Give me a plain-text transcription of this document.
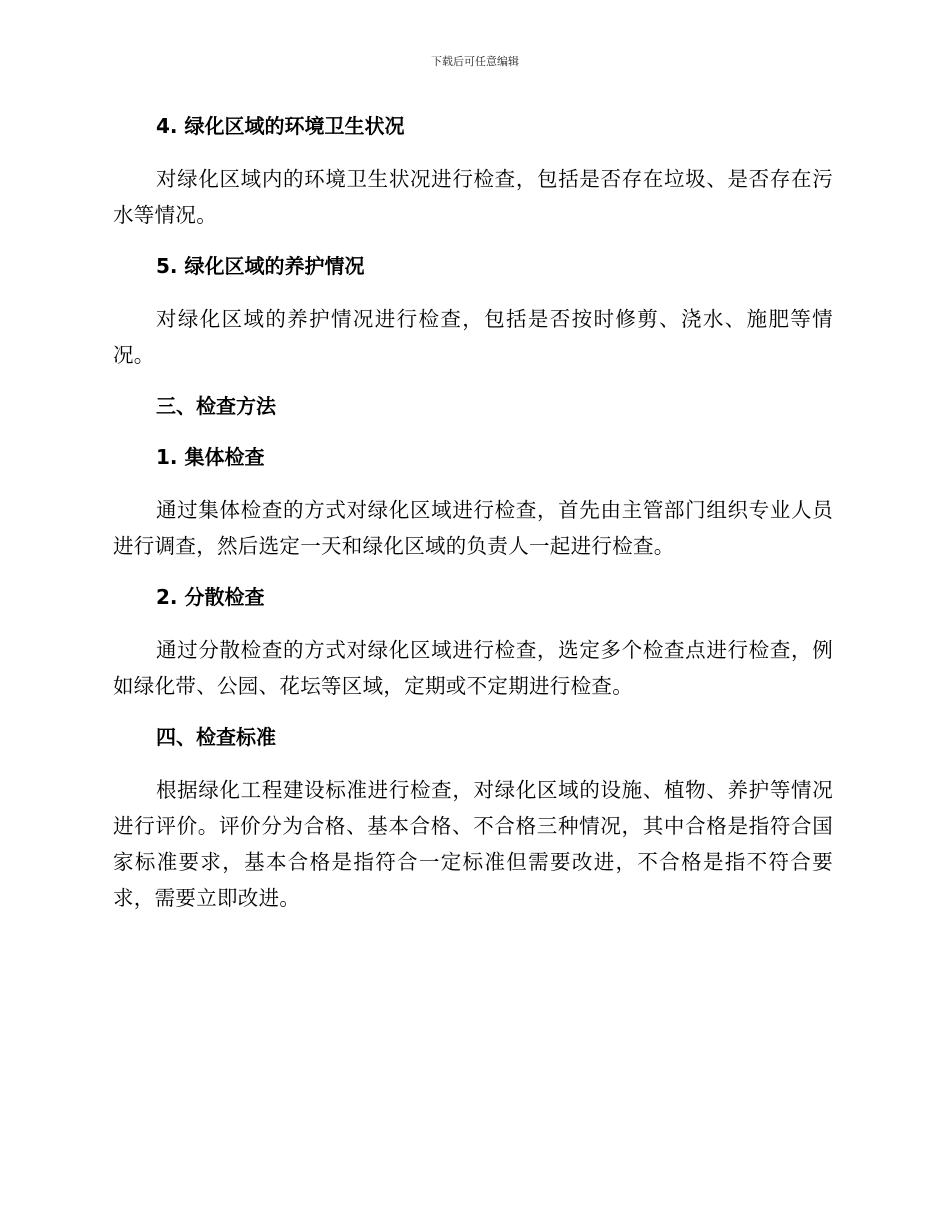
下载后可任意编辑
4. 绿化区域的环境卫生状况

对绿化区域内的环境卫生状况进行检查，包括是否存在垃圾、是否存在污水等情况。

5. 绿化区域的养护情况

对绿化区域的养护情况进行检查，包括是否按时修剪、浇水、施肥等情况。

三、检查方法
1. 集体检查

通过集体检查的方式对绿化区域进行检查，首先由主管部门组织专业人员进行调查，然后选定一天和绿化区域的负责人一起进行检查。

2. 分散检查

通过分散检查的方式对绿化区域进行检查，选定多个检查点进行检查，例如绿化带、公园、花坛等区域，定期或不定期进行检查。

四、检查标准

根据绿化工程建设标准进行检查，对绿化区域的设施、植物、养护等情况进行评价。评价分为合格、基本合格、不合格三种情况，其中合格是指符合国家标准要求，基本合格是指符合一定标准但需要改进，不合格是指不符合要求，需要立即改进。
